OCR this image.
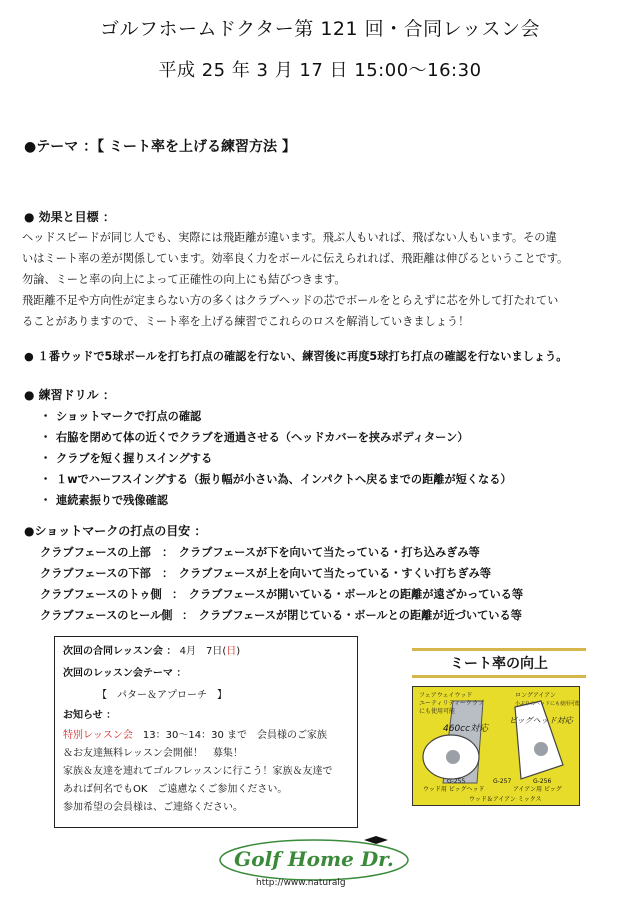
ゴルフホームドクター第 121 回・合同レッスン会
平成 25 年 3 月 17 日 15:00〜16:30
●テーマ ：【 ミート率を上げる練習方法 】
● 効果と目標 ：
ヘッドスピードが同じ人でも、実際には飛距離が違います。飛ぶ人もいれば、飛ばない人もいます。その違
いはミート率の差が関係しています。効率良く力をボールに伝えられれば、飛距離は伸びるということです。
勿論、ミーと率の向上によって正確性の向上にも結びつきます。
飛距離不足や方向性が定まらない方の多くはクラブヘッドの芯でボールをとらえずに芯を外して打たれてい
ることがありますので、ミート率を上げる練習でこれらのロスを解消していきましょう！
● １番ウッドで5球ボールを打ち打点の確認を行ない、練習後に再度5球打ち打点の確認を行ないましょう。
● 練習ドリル ：
・ ショットマークで打点の確認
・ 右脇を閉めて体の近くでクラブを通過させる（ヘッドカバーを挟みボディターン）
・ クラブを短く握りスイングする
・ １wでハーフスイングする（振り幅が小さい為、インパクトへ戻るまでの距離が短くなる）
・ 連続素振りで残像確認
●ショットマークの打点の目安 ：
クラブフェースの上部 ：　クラブフェースが下を向いて当たっている・打ち込みぎみ等
クラブフェースの下部 ：　クラブフェースが上を向いて当たっている・すくい打ちぎみ等
クラブフェースのトゥ側 ：　クラブフェースが開いている・ボールとの距離が遠ざかっている等
クラブフェースのヒール側 ：　クラブフェースが閉じている・ボールとの距離が近づいている等
次回の合同レッスン会 ： 4月　7日(日)
次回のレッスン会テーマ ：
【　パター＆アプローチ　】
お知らせ ：
特別レッスン会　13：30〜14：30 まで　会員様のご家族
＆お友達無料レッスン会開催！　募集！
家族＆友達を連れてゴルフレッスンに行こう！家族＆友達で
あれば何名でもOK　ご遠慮なくご参加ください。
参加希望の会員様は、ご連絡ください。
ミート率の向上
フェアウェイウッド
ユーティリティークラブ
にも使用可能
460cc対応
ロングアイアン
小ぶりのヘッドにも使用可能
ビッグヘッド対応
G-255
ウッド用 ビッグヘッド
G-256
アイアン用 ビッグ
G-257
ウッド＆アイアン ミックス
Golf Home Dr.
http://www.naturalg
